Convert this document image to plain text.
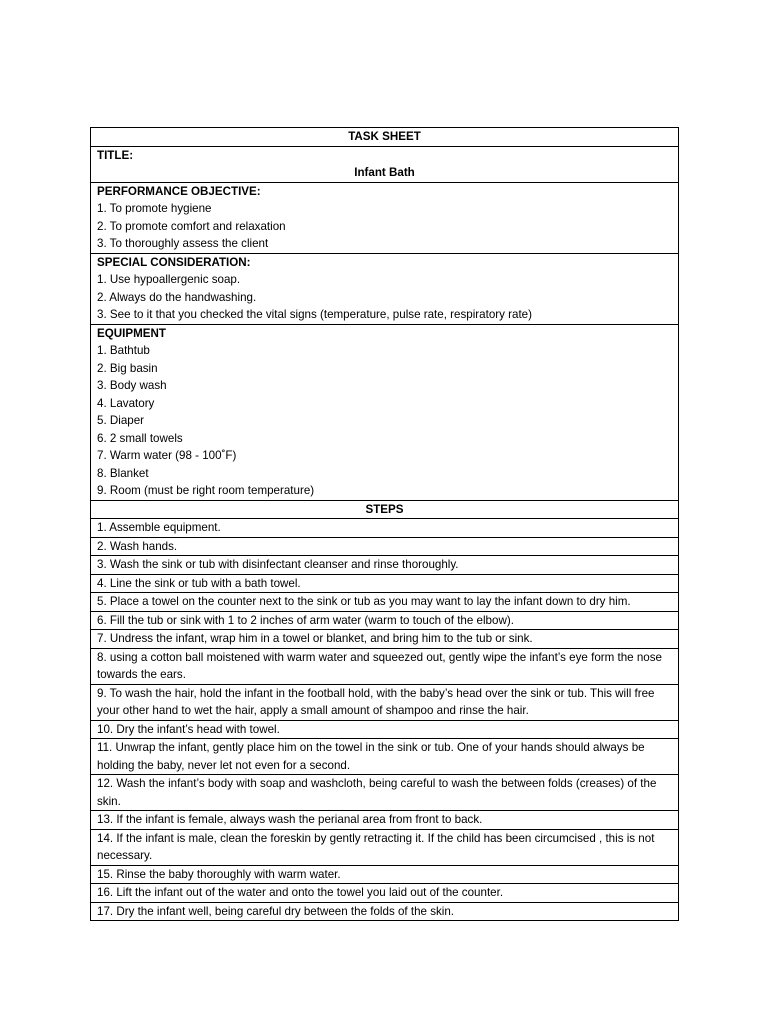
TASK SHEET

TITLE:
Infant Bath

PERFORMANCE OBJECTIVE:
1. To promote hygiene
2. To promote comfort and relaxation
3. To thoroughly assess the client

SPECIAL CONSIDERATION:
1. Use hypoallergenic soap.
2. Always do the handwashing.
3. See to it that you checked the vital signs (temperature, pulse rate, respiratory rate)

EQUIPMENT
1. Bathtub
2. Big basin
3. Body wash
4. Lavatory
5. Diaper
6. 2 small towels
7. Warm water (98 - 100˚F)
8. Blanket
9. Room (must be right room temperature)

STEPS
1. Assemble equipment.
2. Wash hands.
3. Wash the sink or tub with disinfectant cleanser and rinse thoroughly.
4. Line the sink or tub with a bath towel.
5. Place a towel on the counter next to the sink or tub as you may want to lay the infant down to dry him.
6. Fill the tub or sink with 1 to 2 inches of arm water (warm to touch of the elbow).
7. Undress the infant, wrap him in a towel or blanket, and bring him to the tub or sink.
8. using a cotton ball moistened with warm water and squeezed out, gently wipe the infant’s eye form the nose towards the ears.
9. To wash the hair, hold the infant in the football hold, with the baby’s head over the sink or tub. This will free your other hand to wet the hair, apply a small amount of shampoo and rinse the hair.
10. Dry the infant’s head with towel.
11. Unwrap the infant, gently place him on the towel in the sink or tub. One of your hands should always be holding the baby, never let not even for a second.
12. Wash the infant’s body with soap and washcloth, being careful to wash the between folds (creases) of the skin.
13. If the infant is female, always wash the perianal area from front to back.
14. If the infant is male, clean the foreskin by gently retracting it. If the child has been circumcised , this is not necessary.
15. Rinse the baby thoroughly with warm water.
16. Lift the infant out of the water and onto the towel you laid out of the counter.
17. Dry the infant well, being careful dry between the folds of the skin.
